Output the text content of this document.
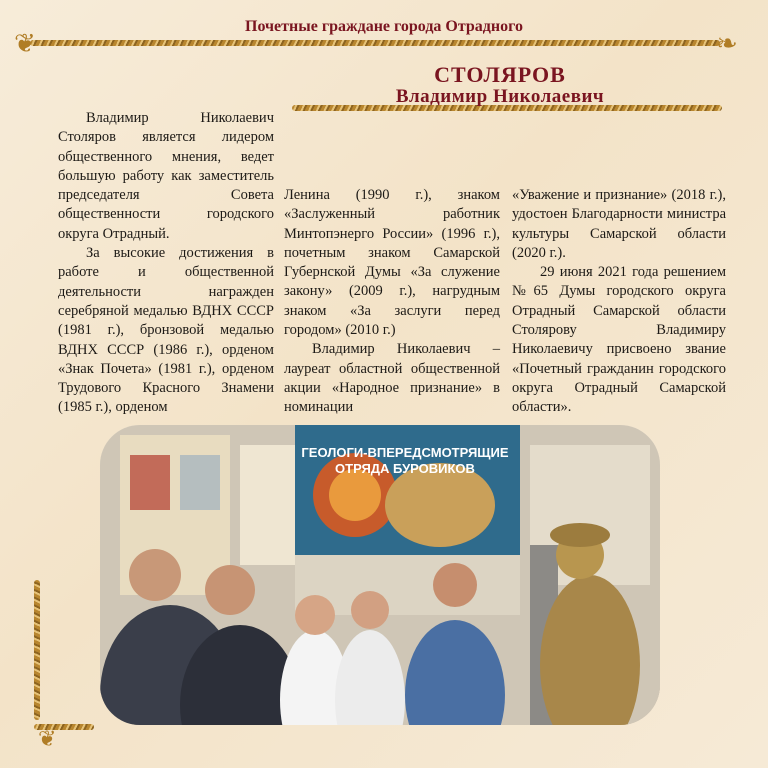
Почетные граждане города Отрадного
❦	❧
СТОЛЯРОВ
Владимир Николаевич

Владимир Николаевич Столяров является лидером общественного мнения, ведет большую работу как заместитель председателя Совета общественности городского округа Отрадный.

За высокие достижения в работе и общественной деятельности награжден серебряной медалью ВДНХ СССР (1981 г.), бронзовой медалью ВДНХ СССР (1986 г.), орденом «Знак Почета» (1981 г.), орденом Трудового Красного Знамени (1985 г.), орденом

Ленина (1990 г.), знаком «Заслуженный работник Минтопэнерго России» (1996 г.), почетным знаком Самарской Губернской Думы «За служение закону» (2009 г.), нагрудным знаком «За заслуги перед городом» (2010 г.)

Владимир Николаевич – лауреат областной общественной акции «Народное признание» в номинации

«Уважение и признание» (2018 г.), удостоен Благодарности министра культуры Самарской области (2020 г.).

29 июня 2021 года решением №65 Думы городского округа Отрадный Самарской области Столярову Владимиру Николаевичу присвоено звание «Почетный гражданин городского округа Отрадный Самарской области».

ГЕОЛОГИ-ВПЕРЕДСМОТРЯЩИЕ
ОТРЯДА БУРОВИКОВ
❦
